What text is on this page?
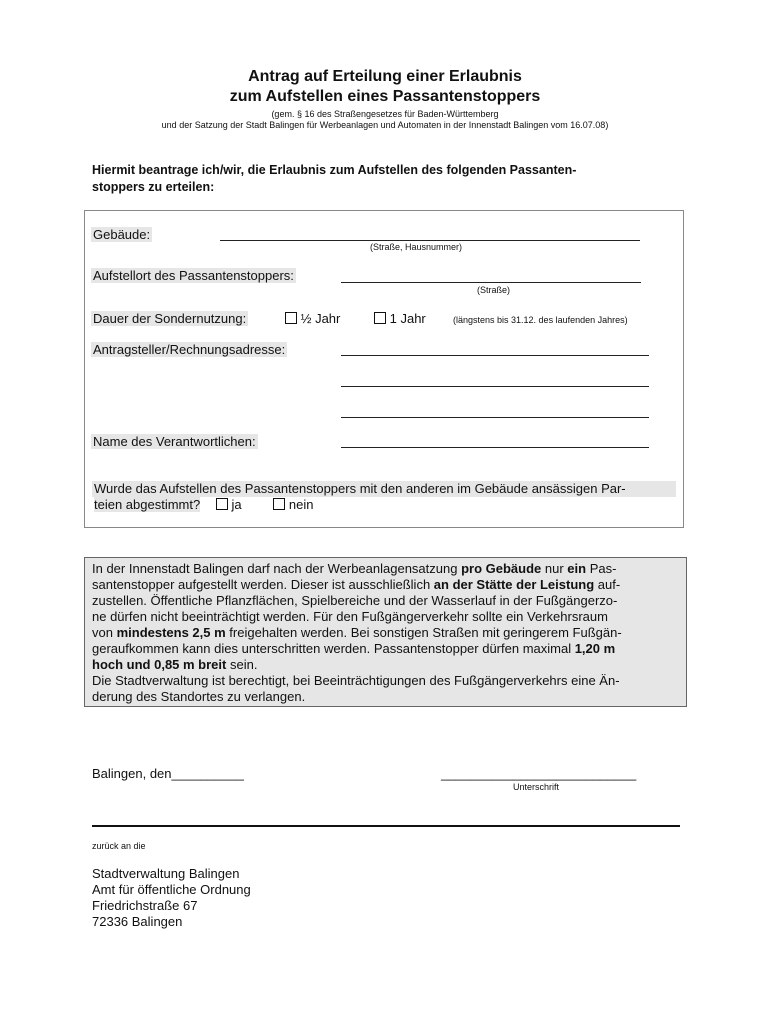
Antrag auf Erteilung einer Erlaubnis
zum Aufstellen eines Passantenstoppers
(gem. § 16 des Straßengesetzes für Baden-Württemberg
und der Satzung der Stadt Balingen für Werbeanlagen und Automaten in der Innenstadt Balingen vom 16.07.08)
Hiermit beantrage ich/wir, die Erlaubnis zum Aufstellen des folgenden Passanten-
stoppers zu erteilen:
Gebäude:
(Straße, Hausnummer)
Aufstellort des Passantenstoppers:
(Straße)
Dauer der Sondernutzung:	½ Jahr	1 Jahr	(längstens bis 31.12. des laufenden Jahres)
Antragsteller/Rechnungsadresse:
Name des Verantwortlichen:
Wurde das Aufstellen des Passantenstoppers mit den anderen im Gebäude ansässigen Par-
teien abgestimmt? ja	nein
In der Innenstadt Balingen darf nach der Werbeanlagensatzung pro Gebäude nur ein Pas-
santenstopper aufgestellt werden. Dieser ist ausschließlich an der Stätte der Leistung auf-
zustellen. Öffentliche Pflanzflächen, Spielbereiche und der Wasserlauf in der Fußgängerzo-
ne dürfen nicht beeinträchtigt werden. Für den Fußgängerverkehr sollte ein Verkehrsraum
von mindestens 2,5 m freigehalten werden. Bei sonstigen Straßen mit geringerem Fußgän-
geraufkommen kann dies unterschritten werden. Passantenstopper dürfen maximal 1,20 m
hoch und 0,85 m breit sein.
Die Stadtverwaltung ist berechtigt, bei Beeinträchtigungen des Fußgängerverkehrs eine Än-
derung des Standortes zu verlangen.
Balingen, den__________	___________________________
Unterschrift
zurück an die
Stadtverwaltung Balingen
Amt für öffentliche Ordnung
Friedrichstraße 67
72336 Balingen
